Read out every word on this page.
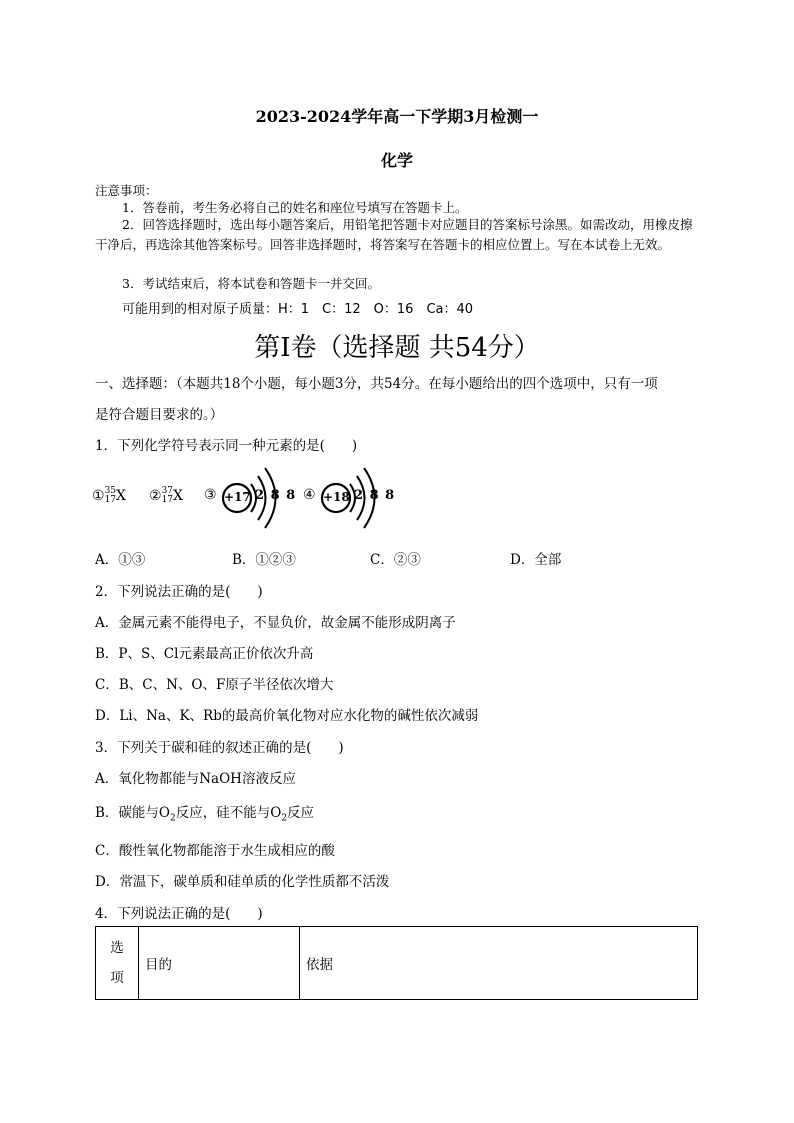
2023-2024学年高一下学期3月检测一
化学
注意事项：
1．答卷前，考生务必将自己的姓名和座位号填写在答题卡上。
2．回答选择题时，选出每小题答案后，用铅笔把答题卡对应题目的答案标号涂黑。如需改动，用橡皮擦干净后，再选涂其他答案标号。回答非选择题时，将答案写在答题卡的相应位置上。写在本试卷上无效。
3．考试结束后，将本试卷和答题卡一并交回。
可能用到的相对原子质量：H：1　C：12　O：16　Ca：40
第Ⅰ卷（选择题 共54分）
一、选择题：（本题共18个小题，每小题3分，共54分。在每小题给出的四个选项中，只有一项
是符合题目要求的。）
1．下列化学符号表示同一种元素的是(　　)
①35
17X ②37
17X ③ +17 2 8 8 ④ +18 2 8 8
A．①③	B．①②③	C．②③	D．全部
2．下列说法正确的是(　　)
A．金属元素不能得电子，不显负价，故金属不能形成阴离子
B．P、S、Cl元素最高正价依次升高
C．B、C、N、O、F原子半径依次增大
D．Li、Na、K、Rb的最高价氧化物对应水化物的碱性依次减弱
3．下列关于碳和硅的叙述正确的是(　　)
A．氧化物都能与NaOH溶液反应
B．碳能与$O_2$反应，硅不能与$O_2$反应
C．酸性氧化物都能溶于水生成相应的酸
D．常温下，碳单质和硅单质的化学性质都不活泼
4．下列说法正确的是(　　)
选
项	目的	依据
